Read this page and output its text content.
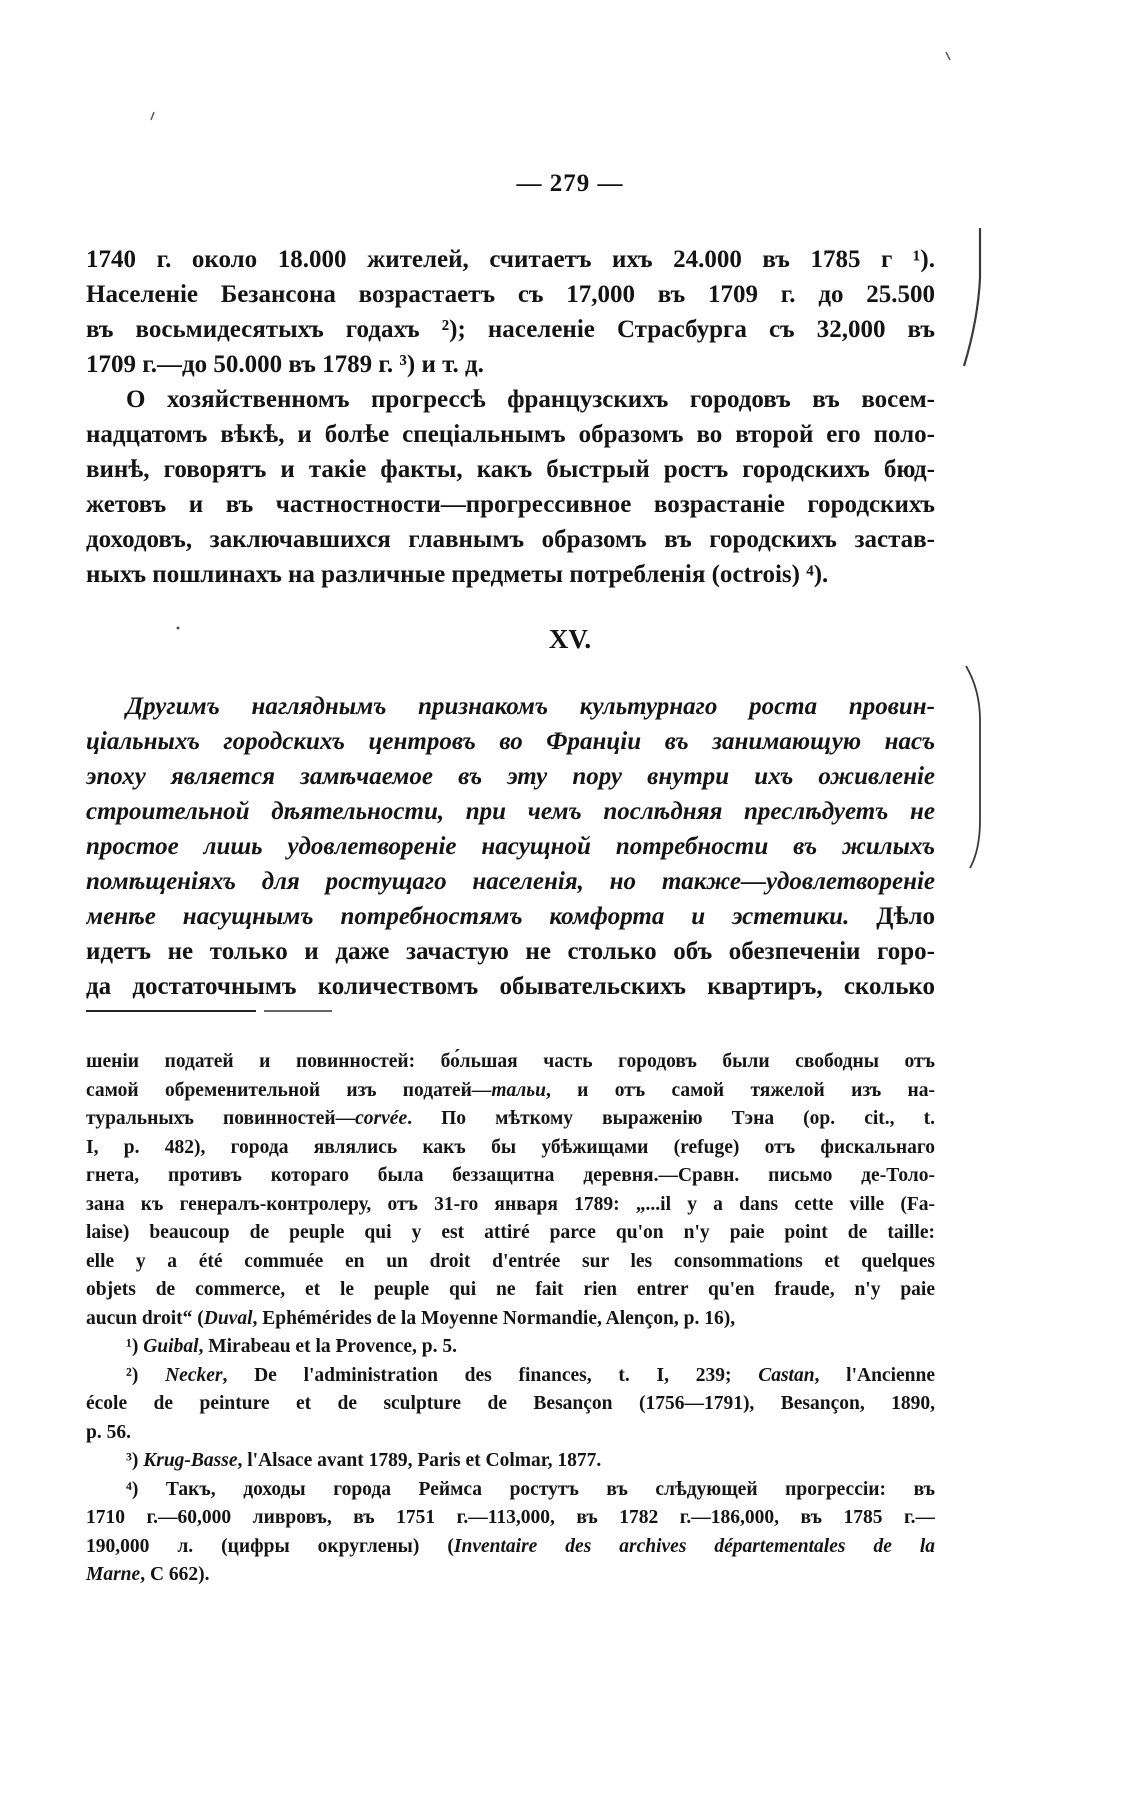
— 279 —
1740 г. около 18.000 жителей, считаетъ ихъ 24.000 въ 1785 г ¹).
Населеніе Безансона возрастаетъ съ 17,000 въ 1709 г. до 25.500
въ восьмидесятыхъ годахъ ²); населеніе Страсбурга съ 32,000 въ
1709 г.—до 50.000 въ 1789 г. ³) и т. д.
О хозяйственномъ прогрессѣ французскихъ городовъ въ восем-
надцатомъ вѣкѣ, и болѣе спеціальнымъ образомъ во второй его поло-
винѣ, говорятъ и такіе факты, какъ быстрый ростъ городскихъ бюд-
жетовъ и въ частностности—прогрессивное возрастаніе городскихъ
доходовъ, заключавшихся главнымъ образомъ въ городскихъ застав-
ныхъ пошлинахъ на различные предметы потребленія (octrois) ⁴).
XV.
Другимъ нагляднымъ признакомъ культурнаго роста провин-
ціальныхъ городскихъ центровъ во Франціи въ занимающую насъ
эпоху является замѣчаемое въ эту пору внутри ихъ оживленіе
строительной дѣятельности, при чемъ послѣдняя преслѣдуетъ не
простое лишь удовлетвореніе насущной потребности въ жилыхъ
помѣщеніяхъ для ростущаго населенія, но также—удовлетвореніе
менѣе насущнымъ потребностямъ комфорта и эстетики. Дѣло
идетъ не только и даже зачастую не столько объ обезпеченіи горо-
да достаточнымъ количествомъ обывательскихъ квартиръ, сколько
шеніи податей и повинностей: бо́льшая часть городовъ были свободны отъ
самой обременительной изъ податей—тальи, и отъ самой тяжелой изъ на-
туральныхъ повинностей—corvée. По мѣткому выраженію Тэна (op. cit., t.
I, p. 482), города являлись какъ бы убѣжищами (refuge) отъ фискальнаго
гнета, противъ котораго была беззащитна деревня.—Сравн. письмо де-Толо-
зана къ генералъ-контролеру, отъ 31-го января 1789: „...il y a dans cette ville (Fa-
laise) beaucoup de peuple qui y est attiré parce qu'on n'y paie point de taille:
elle y a été commuée en un droit d'entrée sur les consommations et quelques
objets de commerce, et le peuple qui ne fait rien entrer qu'en fraude, n'y paie
aucun droit“ (Duval, Ephémérides de la Moyenne Normandie, Alençon, p. 16),
¹) Guibal, Mirabeau et la Provence, p. 5.
²) Necker, De l'administration des finances, t. I, 239; Castan, l'Ancienne
école de peinture et de sculpture de Besançon (1756—1791), Besançon, 1890,
p. 56.
³) Krug-Basse, l'Alsace avant 1789, Paris et Colmar, 1877.
⁴) Такъ, доходы города Реймса ростутъ въ слѣдующей прогрессіи: въ
1710 г.—60,000 ливровъ, въ 1751 г.—113,000, въ 1782 г.—186,000, въ 1785 г.—
190,000 л. (цифры округлены) (Inventaire des archives départementales de la
Marne, C 662).
